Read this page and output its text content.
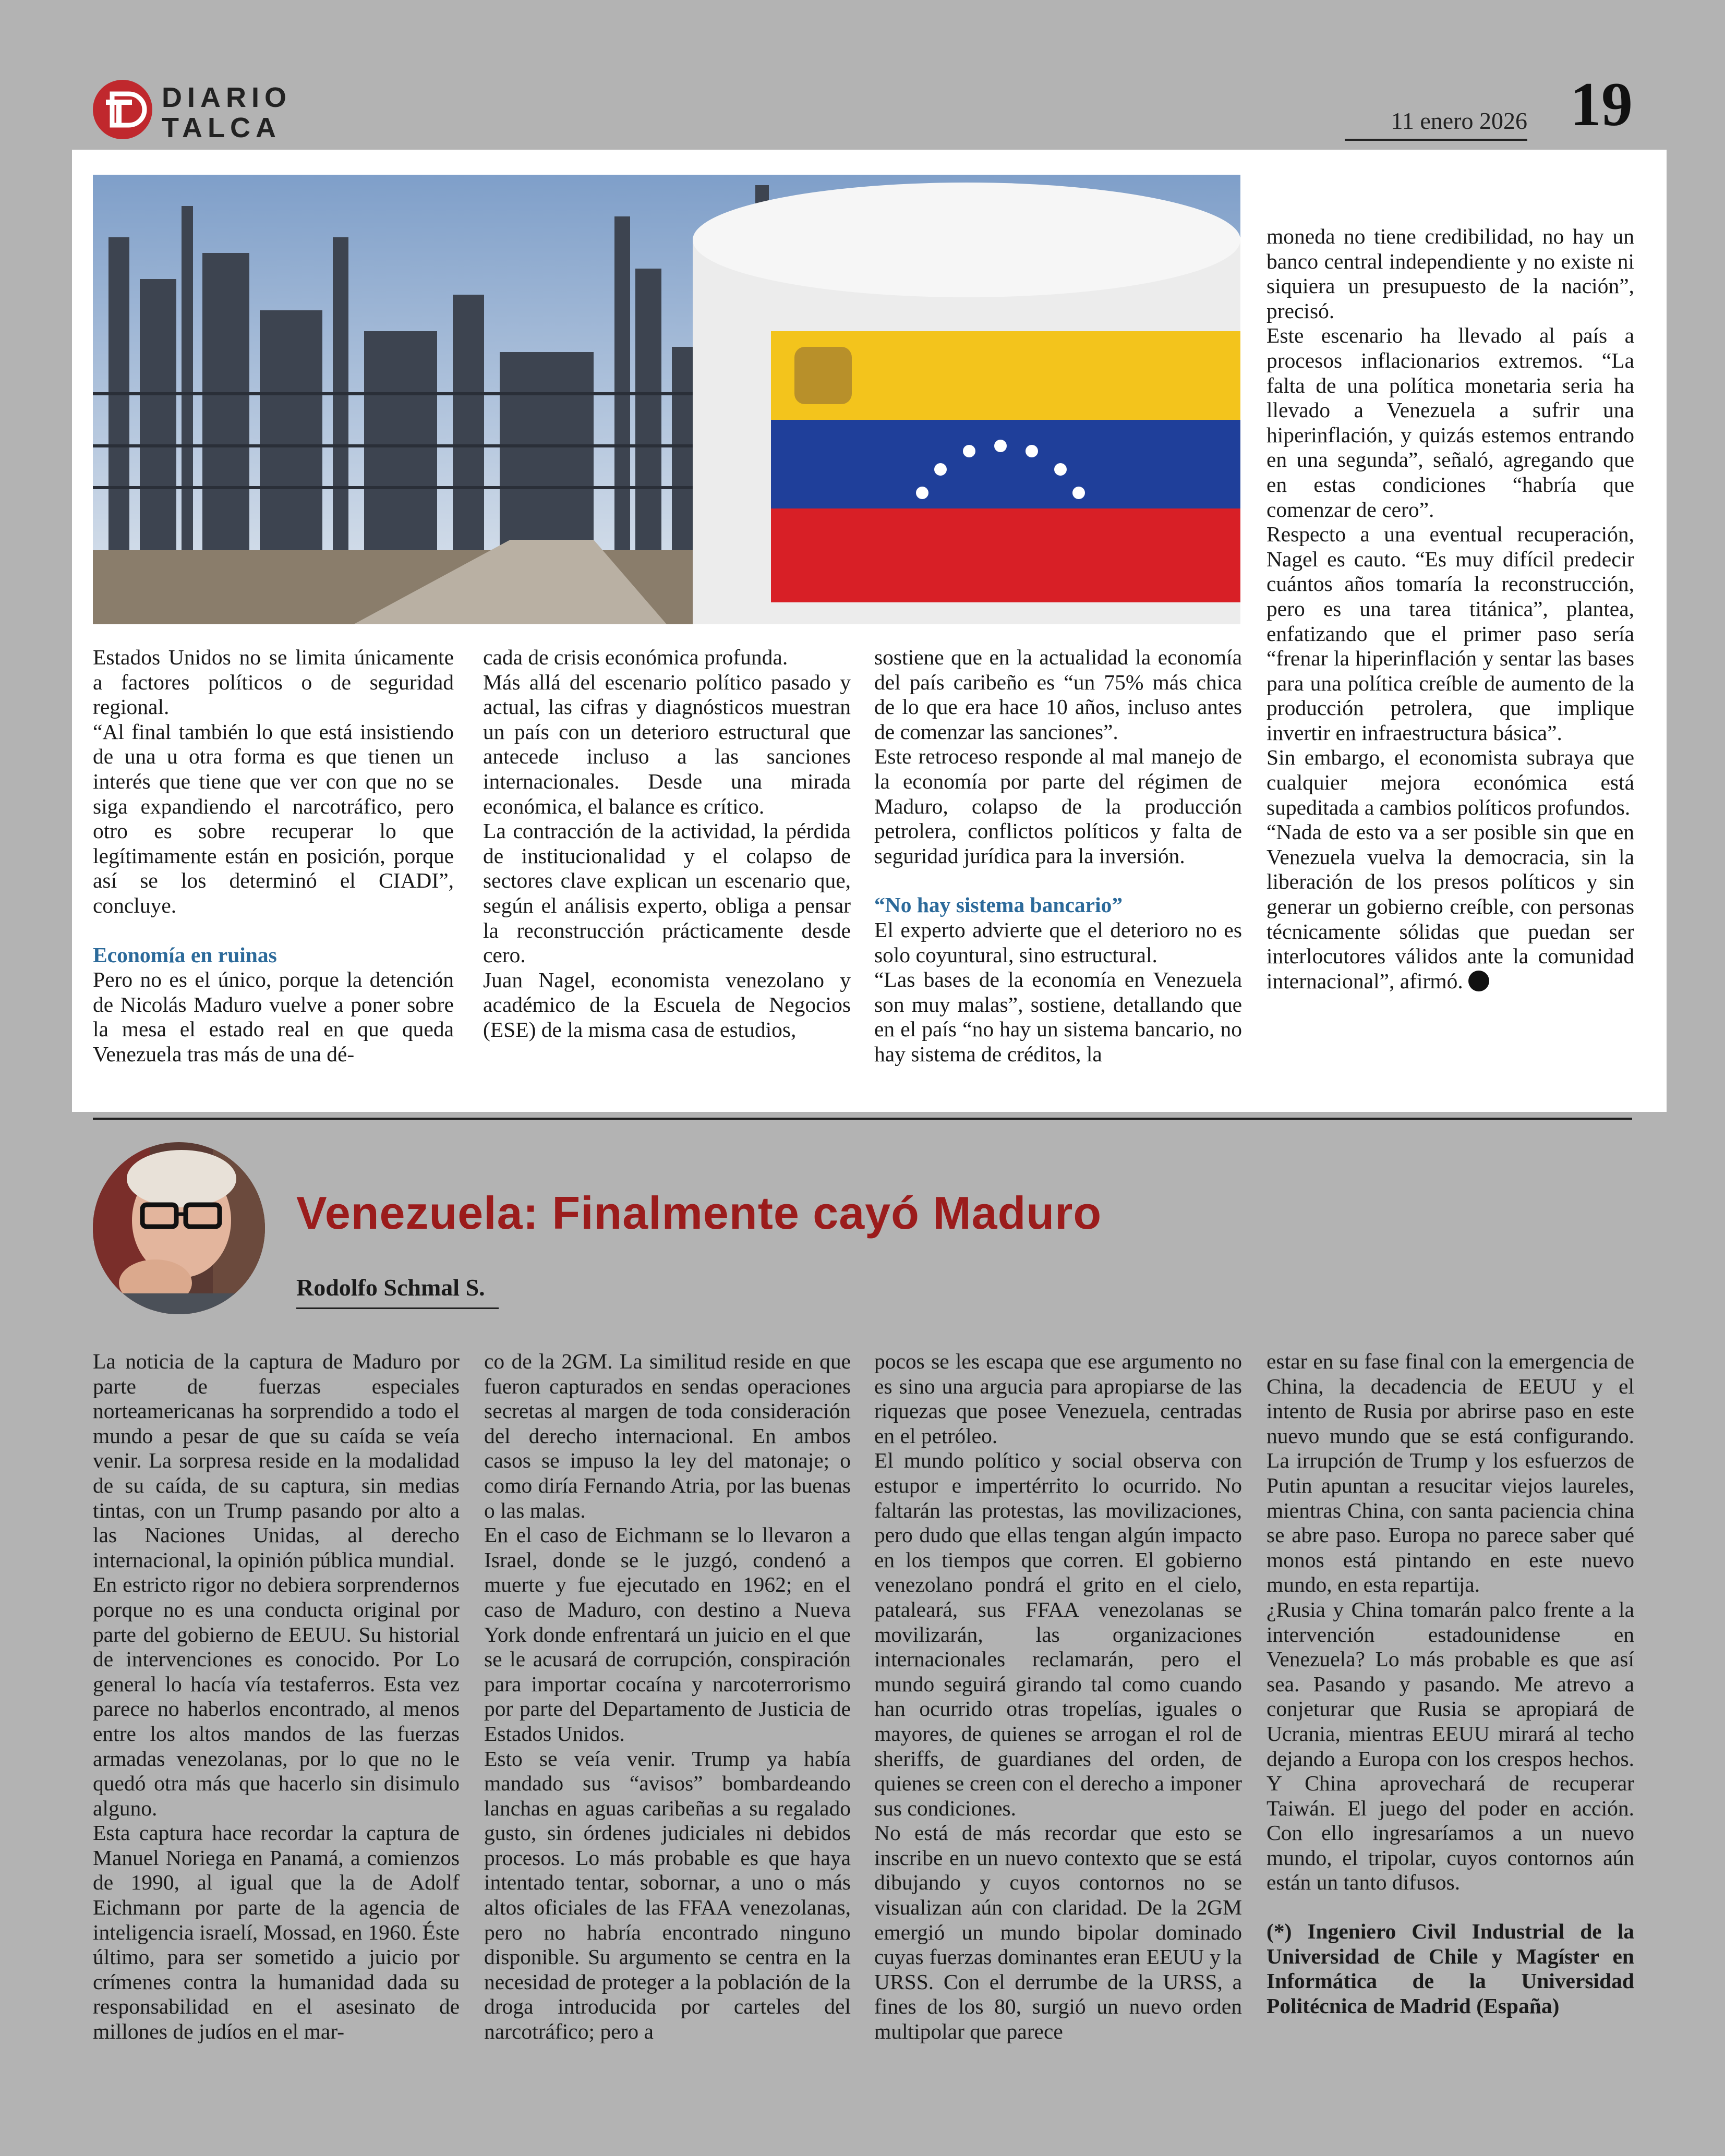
DIARIO
TALCA	11 enero 2026 19

Estados Unidos no se limita únicamente a factores políticos o de seguridad regional.

“Al final también lo que está insistiendo de una u otra forma es que tienen un interés que tiene que ver con que no se siga expandiendo el narcotráfico, pero otro es sobre recuperar lo que legítimamente están en posición, porque así se los determinó el CIADI”, concluye.

Economía en ruinas

Pero no es el único, porque la detención de Nicolás Maduro vuelve a poner sobre la mesa el estado real en que queda Venezuela tras más de una dé-

cada de crisis económica profunda.

Más allá del escenario político pasado y actual, las cifras y diagnósticos muestran un país con un deterioro estructural que antecede incluso a las sanciones internacionales. Desde una mirada económica, el balance es crítico.

La contracción de la actividad, la pérdida de institucionalidad y el colapso de sectores clave explican un escenario que, según el análisis experto, obliga a pensar la reconstrucción prácticamente desde cero.

Juan Nagel, economista venezolano y académico de la Escuela de Negocios (ESE) de la misma casa de estudios,

sostiene que en la actualidad la economía del país caribeño es “un 75% más chica de lo que era hace 10 años, incluso antes de comenzar las sanciones”.

Este retroceso responde al mal manejo de la economía por parte del régimen de Maduro, colapso de la producción petrolera, conflictos políticos y falta de seguridad jurídica para la inversión.

“No hay sistema bancario”

El experto advierte que el deterioro no es solo coyuntural, sino estructural.

“Las bases de la economía en Venezuela son muy malas”, sostiene, detallando que en el país “no hay un sistema bancario, no hay sistema de créditos, la

moneda no tiene credibilidad, no hay un banco central independiente y no existe ni siquiera un presupuesto de la nación”, precisó.

Este escenario ha llevado al país a procesos inflacionarios extremos. “La falta de una política monetaria seria ha llevado a Venezuela a sufrir una hiperinflación, y quizás estemos entrando en una segunda”, señaló, agregando que en estas condiciones “habría que comenzar de cero”.

Respecto a una eventual recuperación, Nagel es cauto. “Es muy difícil predecir cuántos años tomaría la reconstrucción, pero es una tarea titánica”, plantea, enfatizando que el primer paso sería “frenar la hiperinflación y sentar las bases para una política creíble de aumento de la producción petrolera, que implique invertir en infraestructura básica”.

Sin embargo, el economista subraya que cualquier mejora económica está supeditada a cambios políticos profundos.

“Nada de esto va a ser posible sin que en Venezuela vuelva la democracia, sin la liberación de los presos políticos y sin generar un gobierno creíble, con personas técnicamente sólidas que puedan ser interlocutores válidos ante la comunidad internacional”, afirmó.

Venezuela: Finalmente cayó Maduro
Rodolfo Schmal S.

La noticia de la captura de Maduro por parte de fuerzas especiales norteamericanas ha sorprendido a todo el mundo a pesar de que su caída se veía venir. La sorpresa reside en la modalidad de su caída, de su captura, sin medias tintas, con un Trump pasando por alto a las Naciones Unidas, al derecho internacional, la opinión pública mundial.

En estricto rigor no debiera sorprendernos porque no es una conducta original por parte del gobierno de EEUU. Su historial de intervenciones es conocido. Por Lo general lo hacía vía testaferros. Esta vez parece no haberlos encontrado, al menos entre los altos mandos de las fuerzas armadas venezolanas, por lo que no le quedó otra más que hacerlo sin disimulo alguno.

Esta captura hace recordar la captura de Manuel Noriega en Panamá, a comienzos de 1990, al igual que la de Adolf Eichmann por parte de la agencia de inteligencia israelí, Mossad, en 1960. Éste último, para ser sometido a juicio por crímenes contra la humanidad dada su responsabilidad en el asesinato de millones de judíos en el mar-

co de la 2GM. La similitud reside en que fueron capturados en sendas operaciones secretas al margen de toda consideración del derecho internacional. En ambos casos se impuso la ley del matonaje; o como diría Fernando Atria, por las buenas o las malas.

En el caso de Eichmann se lo llevaron a Israel, donde se le juzgó, condenó a muerte y fue ejecutado en 1962; en el caso de Maduro, con destino a Nueva York donde enfrentará un juicio en el que se le acusará de corrupción, conspiración para importar cocaína y narcoterrorismo por parte del Departamento de Justicia de Estados Unidos.

Esto se veía venir. Trump ya había mandado sus “avisos” bombardeando lanchas en aguas caribeñas a su regalado gusto, sin órdenes judiciales ni debidos procesos. Lo más probable es que haya intentado tentar, sobornar, a uno o más altos oficiales de las FFAA venezolanas, pero no habría encontrado ninguno disponible. Su argumento se centra en la necesidad de proteger a la población de la droga introducida por carteles del narcotráfico; pero a

pocos se les escapa que ese argumento no es sino una argucia para apropiarse de las riquezas que posee Venezuela, centradas en el petróleo.

El mundo político y social observa con estupor e impertérrito lo ocurrido. No faltarán las protestas, las movilizaciones, pero dudo que ellas tengan algún impacto en los tiempos que corren. El gobierno venezolano pondrá el grito en el cielo, pataleará, sus FFAA venezolanas se movilizarán, las organizaciones internacionales reclamarán, pero el mundo seguirá girando tal como cuando han ocurrido otras tropelías, iguales o mayores, de quienes se arrogan el rol de sheriffs, de guardianes del orden, de quienes se creen con el derecho a imponer sus condiciones.

No está de más recordar que esto se inscribe en un nuevo contexto que se está dibujando y cuyos contornos no se visualizan aún con claridad. De la 2GM emergió un mundo bipolar dominado cuyas fuerzas dominantes eran EEUU y la URSS. Con el derrumbe de la URSS, a fines de los 80, surgió un nuevo orden multipolar que parece

estar en su fase final con la emergencia de China, la decadencia de EEUU y el intento de Rusia por abrirse paso en este nuevo mundo que se está configurando. La irrupción de Trump y los esfuerzos de Putin apuntan a resucitar viejos laureles, mientras China, con santa paciencia china se abre paso. Europa no parece saber qué monos está pintando en este nuevo mundo, en esta repartija.

¿Rusia y China tomarán palco frente a la intervención estadounidense en Venezuela? Lo más probable es que así sea. Pasando y pasando. Me atrevo a conjeturar que Rusia se apropiará de Ucrania, mientras EEUU mirará al techo dejando a Europa con los crespos hechos. Y China aprovechará de recuperar Taiwán. El juego del poder en acción. Con ello ingresaríamos a un nuevo mundo, el tripolar, cuyos contornos aún están un tanto difusos.

(*) Ingeniero Civil Industrial de la Universidad de Chile y Magíster en Informática de la Universidad Politécnica de Madrid (España)
